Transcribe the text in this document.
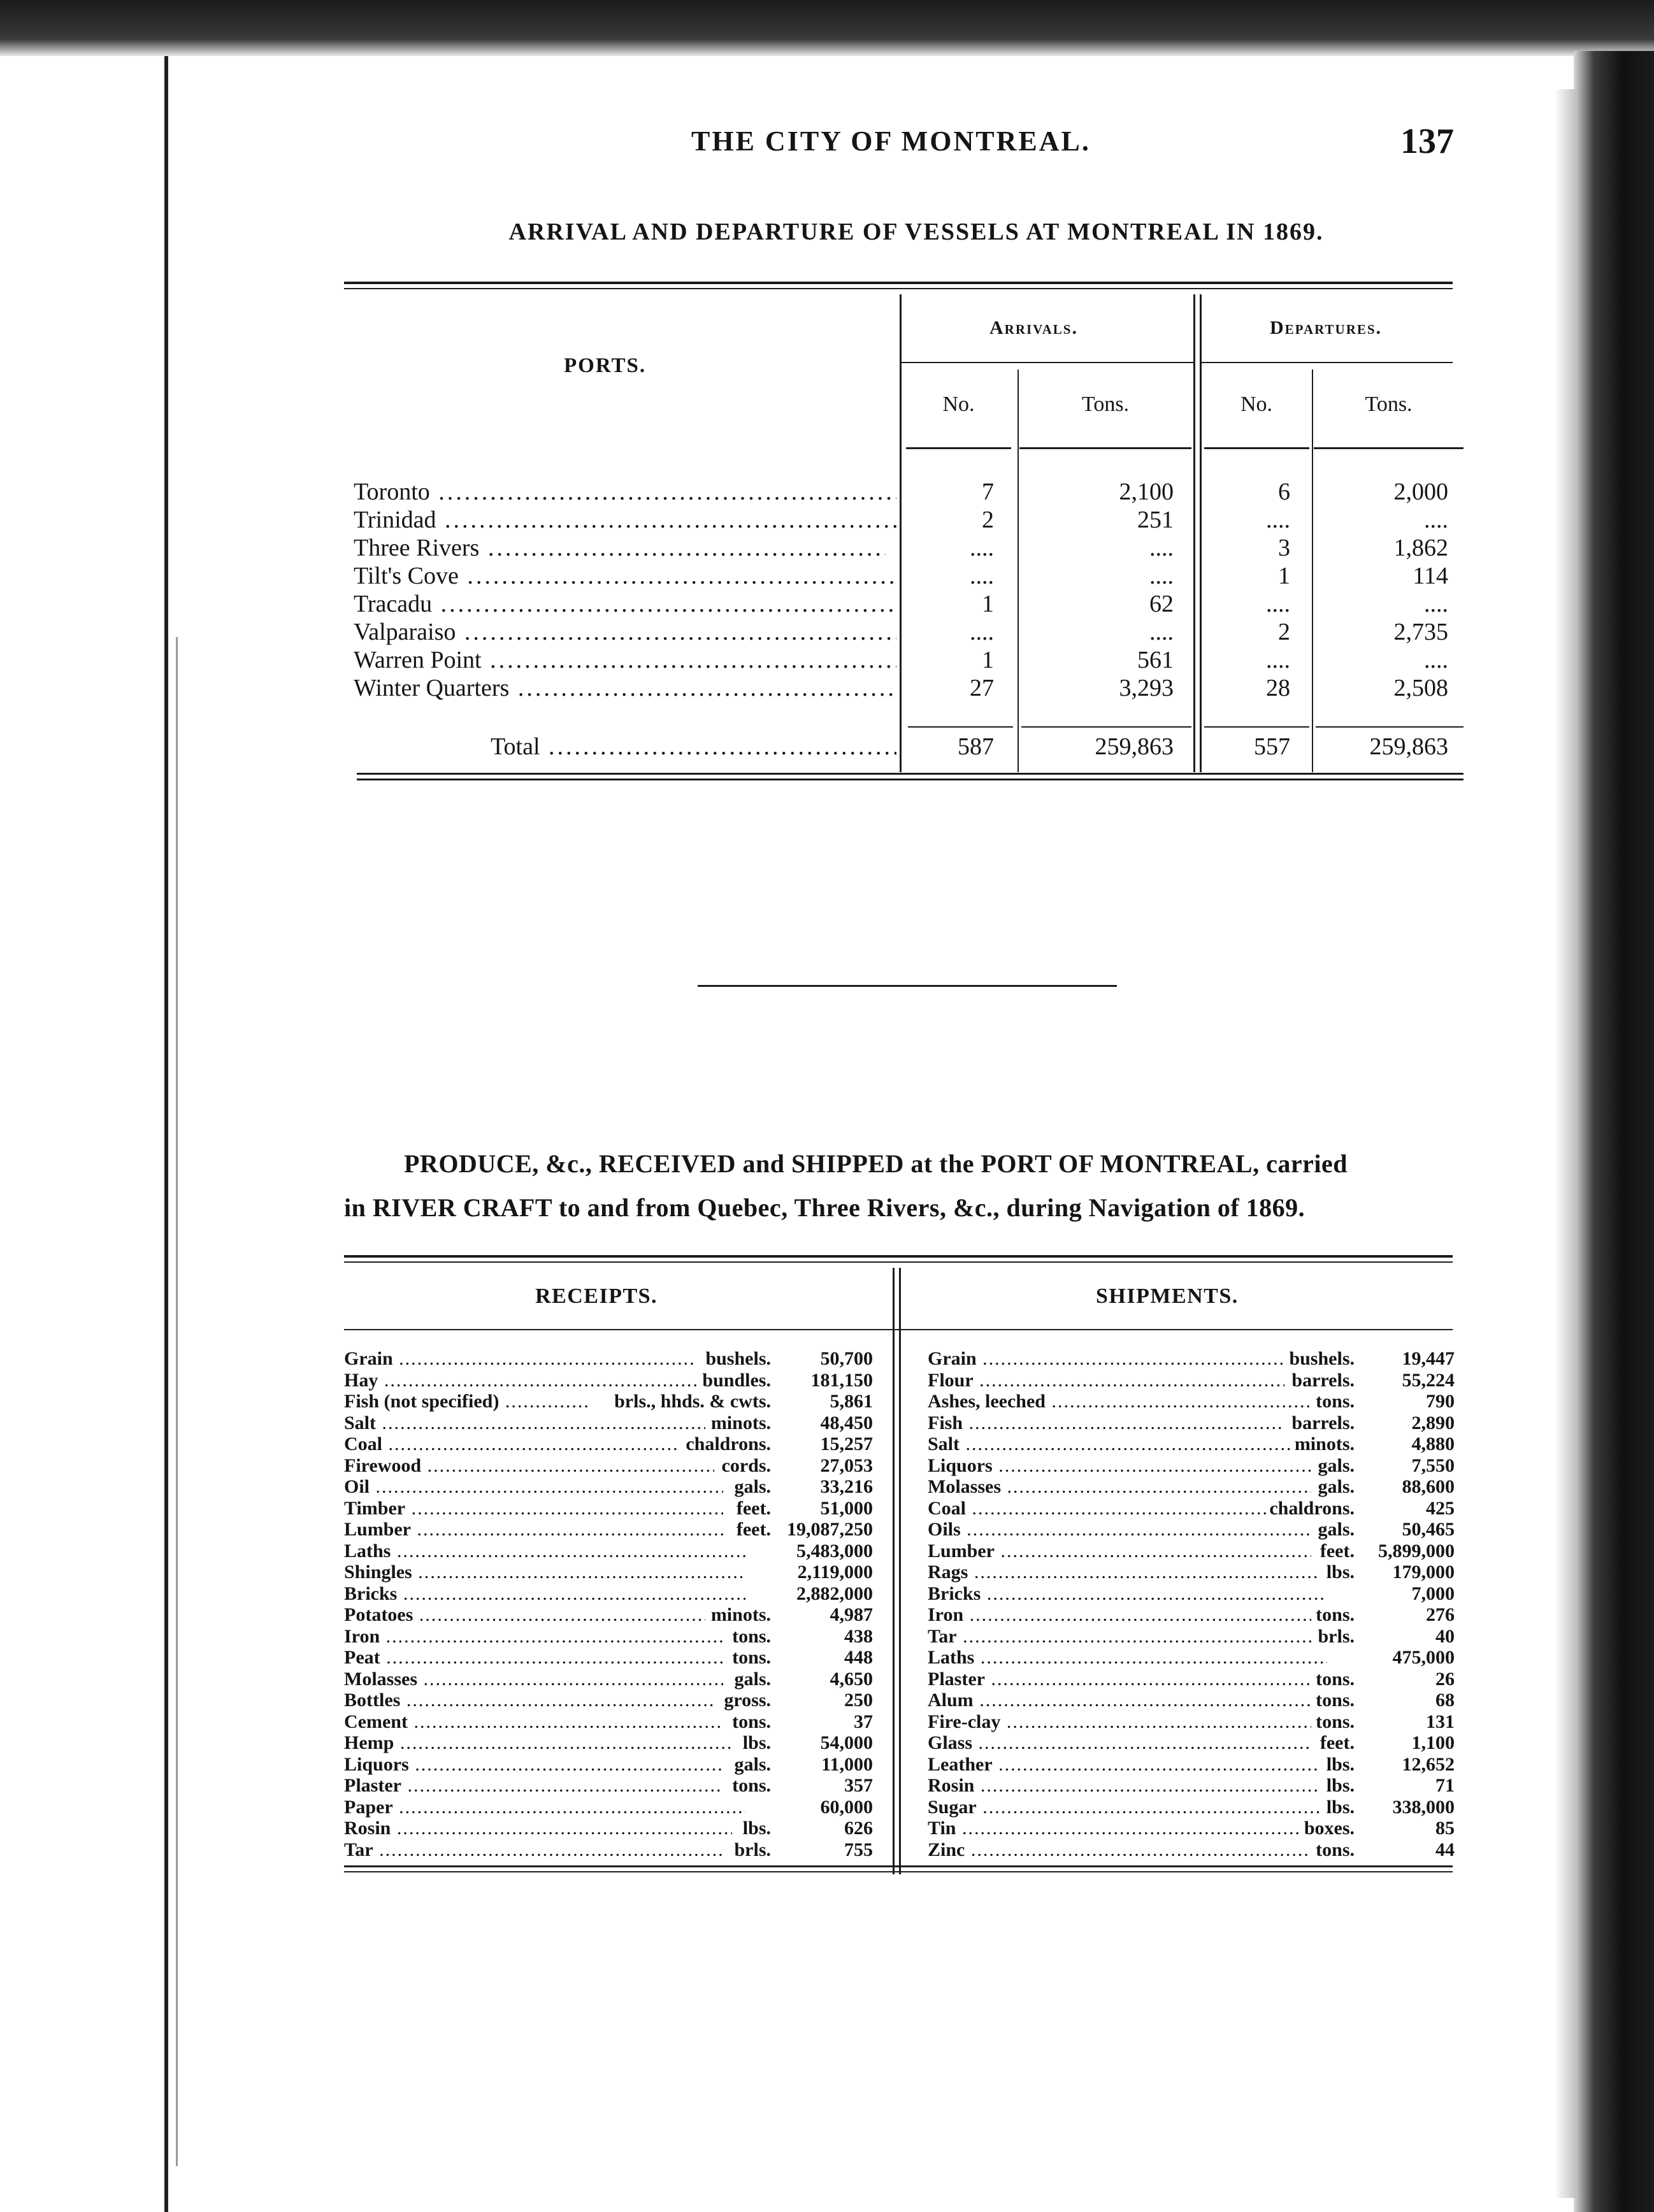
THE CITY OF MONTREAL.	137
ARRIVAL AND DEPARTURE OF VESSELS AT MONTREAL IN 1869.
PORTS.
Arrivals.	Departures.
No.	Tons.	No.	Tons.
Toronto .....	7	2,100	6	2,000
Trinidad .....	2	251	....	....
Three Rivers .....	....	....	3	1,862
Tilt's Cove .....	....	....	1	114
Tracadu .....	1	62	....	....
Valparaiso .....	....	....	2	2,735
Warren Point .....	1	561	....	....
Winter Quarters .....	27	3,293	28	2,508
Total .....	587	259,863	557	259,863
PRODUCE, &c., RECEIVED and SHIPPED at the PORT OF MONTREAL, carried
in RIVER CRAFT to and from Quebec, Three Rivers, &c., during Navigation of 1869.
RECEIPTS.	SHIPMENTS.
Grain .....	bushels.	50,700
Hay .....	bundles. 181,150
Fish (not specified) .....	brls., hhds. & cwts.	5,861
Salt .....	minots.	48,450
Coal .....	chaldrons.	15,257
Firewood .....	cords.	27,053
Oil .....	gals.	33,216
Timber .....	feet.	51,000
Lumber .....	feet. 19,087,250
Laths .....	5,483,000
Shingles .....	2,119,000
Bricks .....	2,882,000
Potatoes .....	minots.	4,987
Iron .....	tons.	438
Peat .....	tons.	448
Molasses .....	gals.	4,650
Bottles .....	gross.	250
Cement .....	tons.	37
Hemp .....	lbs.	54,000
Liquors .....	gals.	11,000
Plaster .....	tons.	357
Paper .....	60,000
Rosin .....	lbs.	626
Tar .....	brls.	755
Grain .....	bushels. 19,447
Flour .....	barrels. 55,224
Ashes, leeched .....	tons.	790
Fish .....	barrels.	2,890
Salt .....	minots.	4,880
Liquors .....	gals.	7,550
Molasses .....	gals. 88,600
Coal .....	chaldrons.	425
Oils .....	gals. 50,465
Lumber .....	feet. 5,899,000
Rags .....	lbs. 179,000
Bricks .....	7,000
Iron .....	tons.	276
Tar .....	brls.	40
Laths .....	475,000
Plaster .....	tons.	26
Alum .....	tons.	68
Fire-clay .....	tons.	131
Glass .....	feet.	1,100
Leather .....	lbs. 12,652
Rosin .....	lbs.	71
Sugar .....	lbs. 338,000
Tin .....	boxes.	85
Zinc .....	tons.	44
